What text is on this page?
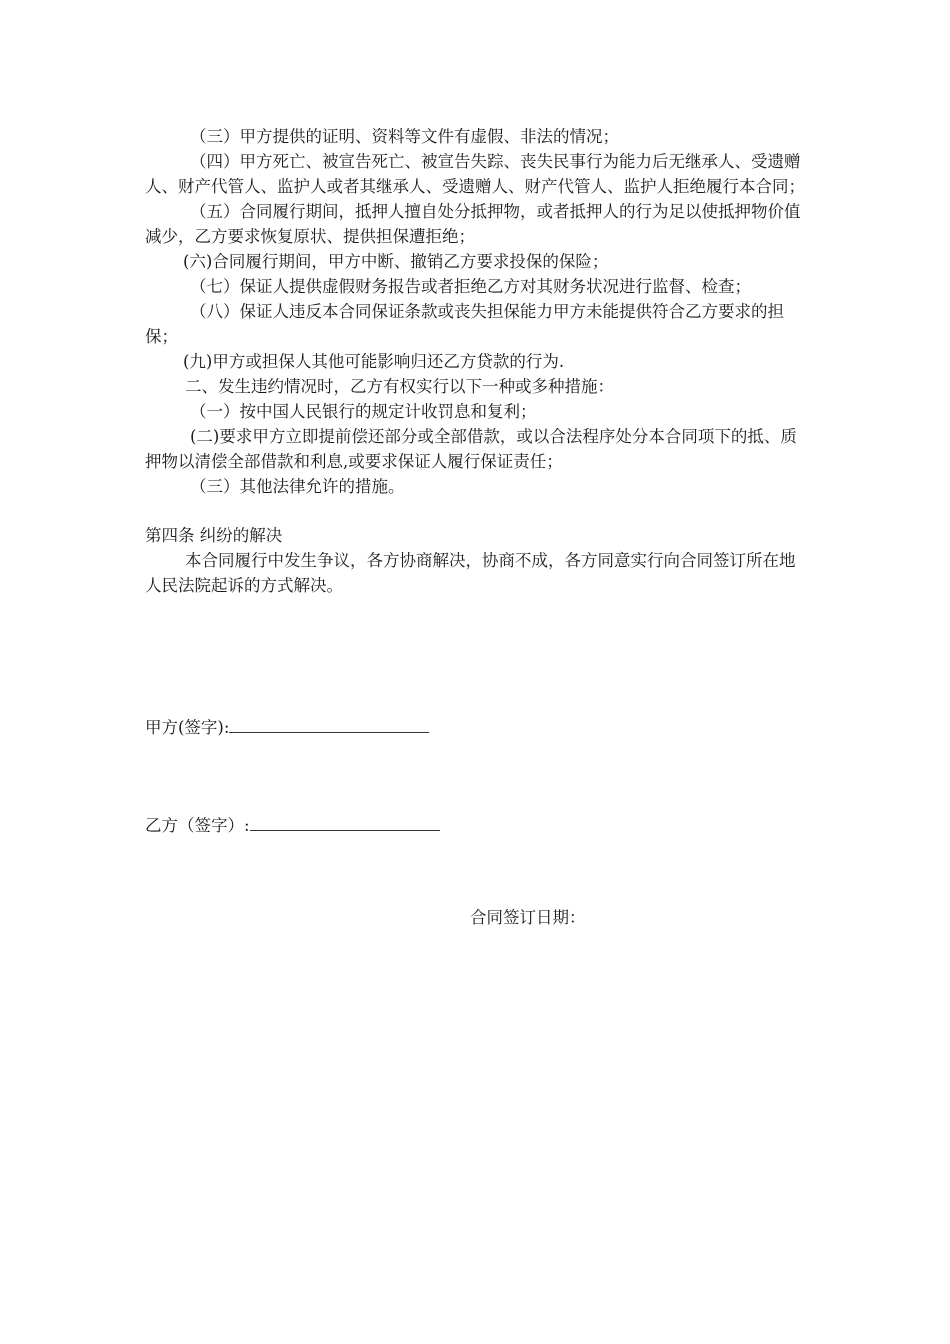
（三）甲方提供的证明、资料等文件有虚假、非法的情况；

（四）甲方死亡、被宣告死亡、被宣告失踪、丧失民事行为能力后无继承人、受遗赠人、财产代管人、监护人或者其继承人、受遗赠人、财产代管人、监护人拒绝履行本合同；

（五）合同履行期间，抵押人擅自处分抵押物，或者抵押人的行为足以使抵押物价值减少，乙方要求恢复原状、提供担保遭拒绝；

(六)合同履行期间，甲方中断、撤销乙方要求投保的保险；

（七）保证人提供虚假财务报告或者拒绝乙方对其财务状况进行监督、检查；

（八）保证人违反本合同保证条款或丧失担保能力甲方未能提供符合乙方要求的担保；

(九)甲方或担保人其他可能影响归还乙方贷款的行为.

二、发生违约情况时，乙方有权实行以下一种或多种措施：

（一）按中国人民银行的规定计收罚息和复利；

(二)要求甲方立即提前偿还部分或全部借款，或以合法程序处分本合同项下的抵、质押物以清偿全部借款和利息,或要求保证人履行保证责任；

（三）其他法律允许的措施。

第四条 纠纷的解决

本合同履行中发生争议，各方协商解决，协商不成，各方同意实行向合同签订所在地人民法院起诉的方式解决。

甲方(签字):
乙方（签字）:
合同签订日期：
